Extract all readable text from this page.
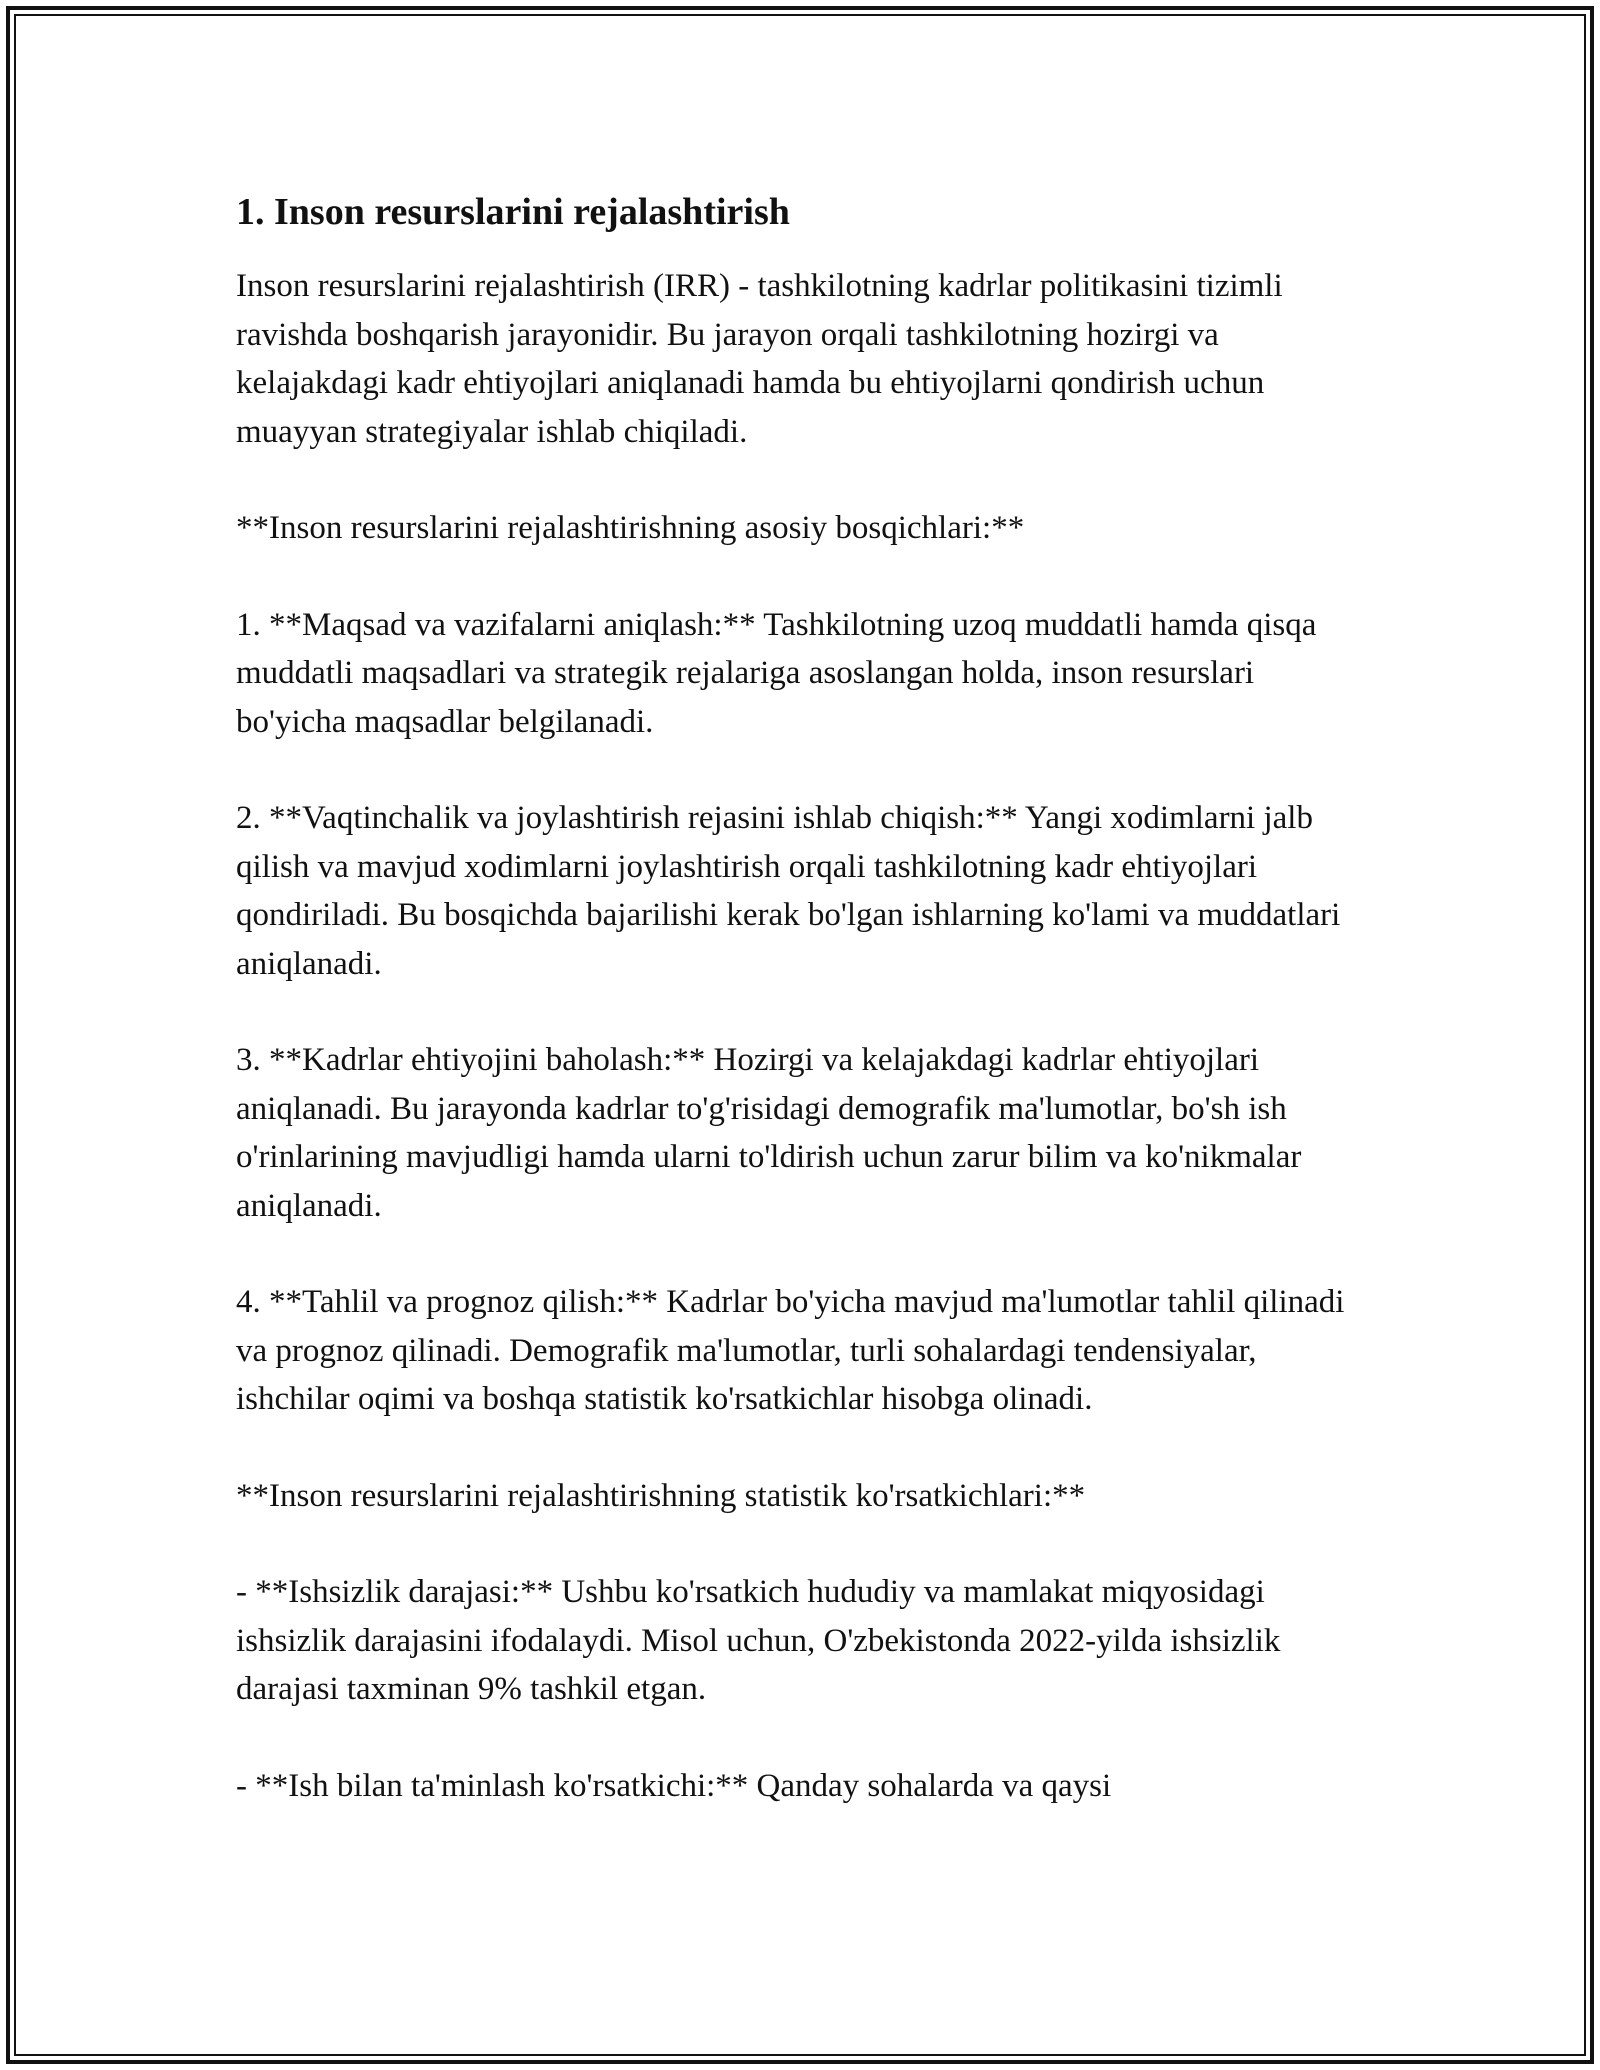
1. Inson resurslarini rejalashtirish

Inson resurslarini rejalashtirish (IRR) - tashkilotning kadrlar politikasini tizimli ravishda boshqarish jarayonidir. Bu jarayon orqali tashkilotning hozirgi va kelajakdagi kadr ehtiyojlari aniqlanadi hamda bu ehtiyojlarni qondirish uchun muayyan strategiyalar ishlab chiqiladi.

**Inson resurslarini rejalashtirishning asosiy bosqichlari:**

1. **Maqsad va vazifalarni aniqlash:** Tashkilotning uzoq muddatli hamda qisqa muddatli maqsadlari va strategik rejalariga asoslangan holda, inson resurslari bo'yicha maqsadlar belgilanadi.

2. **Vaqtinchalik va joylashtirish rejasini ishlab chiqish:** Yangi xodimlarni jalb qilish va mavjud xodimlarni joylashtirish orqali tashkilotning kadr ehtiyojlari qondiriladi. Bu bosqichda bajarilishi kerak bo'lgan ishlarning ko'lami va muddatlari aniqlanadi.

3. **Kadrlar ehtiyojini baholash:** Hozirgi va kelajakdagi kadrlar ehtiyojlari aniqlanadi. Bu jarayonda kadrlar to'g'risidagi demografik ma'lumotlar, bo'sh ish o'rinlarining mavjudligi hamda ularni to'ldirish uchun zarur bilim va ko'nikmalar aniqlanadi.

4. **Tahlil va prognoz qilish:** Kadrlar bo'yicha mavjud ma'lumotlar tahlil qilinadi va prognoz qilinadi. Demografik ma'lumotlar, turli sohalardagi tendensiyalar, ishchilar oqimi va boshqa statistik ko'rsatkichlar hisobga olinadi.

**Inson resurslarini rejalashtirishning statistik ko'rsatkichlari:**

- **Ishsizlik darajasi:** Ushbu ko'rsatkich hududiy va mamlakat miqyosidagi ishsizlik darajasini ifodalaydi. Misol uchun, O'zbekistonda 2022-yilda ishsizlik darajasi taxminan 9% tashkil etgan.

- **Ish bilan ta'minlash ko'rsatkichi:** Qanday sohalarda va qaysi
